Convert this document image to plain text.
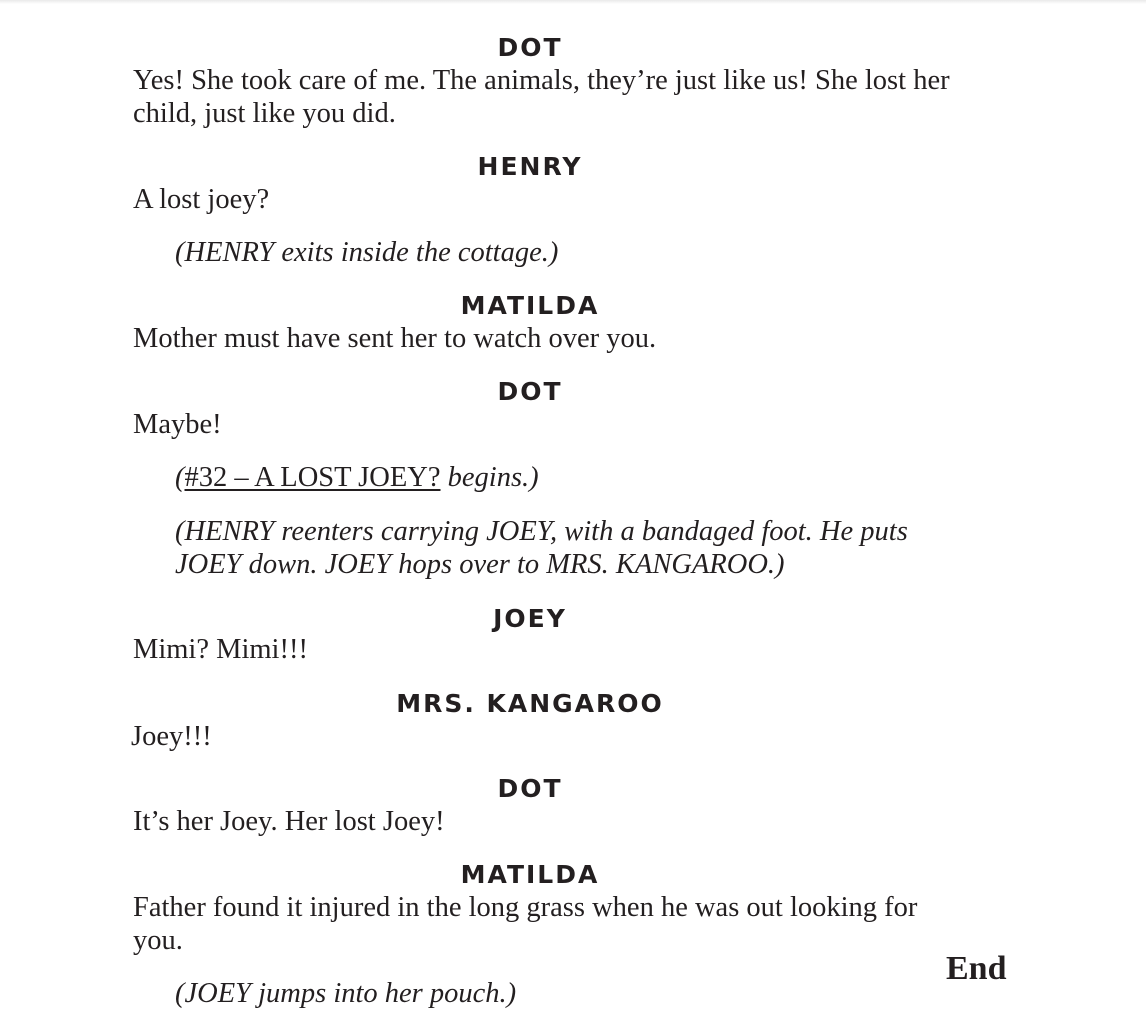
DOT
Yes! She took care of me. The animals, they’re just like us! She lost her child, just like you did.
HENRY
A lost joey?
(HENRY exits inside the cottage.)
MATILDA
Mother must have sent her to watch over you.
DOT
Maybe!
(#32 – A LOST JOEY? begins.)
(HENRY reenters carrying JOEY, with a bandaged foot. He puts JOEY down. JOEY hops over to MRS. KANGAROO.)
JOEY
Mimi? Mimi!!!
MRS. KANGAROO
Joey!!!
DOT
It’s her Joey. Her lost Joey!
MATILDA
Father found it injured in the long grass when he was out looking for you.
(JOEY jumps into her pouch.)
End
